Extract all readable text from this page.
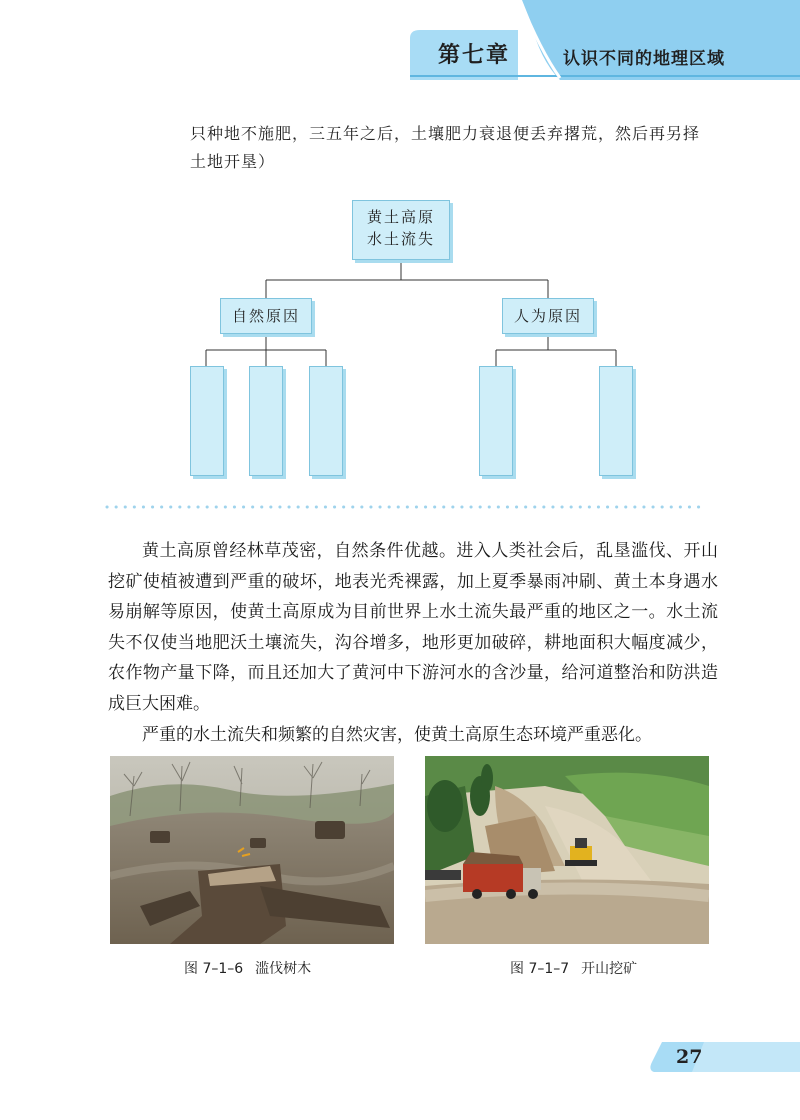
第七章	认识不同的地理区域
只种地不施肥，三五年之后，土壤肥力衰退便丢弃撂荒，然后再另择土地开垦）
黄土高原
水土流失
自然原因	人为原因

黄土高原曾经林草茂密，自然条件优越。进入人类社会后，乱垦滥伐、开山挖矿使植被遭到严重的破坏，地表光秃裸露，加上夏季暴雨冲刷、黄土本身遇水易崩解等原因，使黄土高原成为目前世界上水土流失最严重的地区之一。水土流失不仅使当地肥沃土壤流失，沟谷增多，地形更加破碎，耕地面积大幅度减少，农作物产量下降，而且还加大了黄河中下游河水的含沙量，给河道整治和防洪造成巨大困难。

严重的水土流失和频繁的自然灾害，使黄土高原生态环境严重恶化。

图 7–1–6 滥伐树木	图 7–1–7 开山挖矿
27
